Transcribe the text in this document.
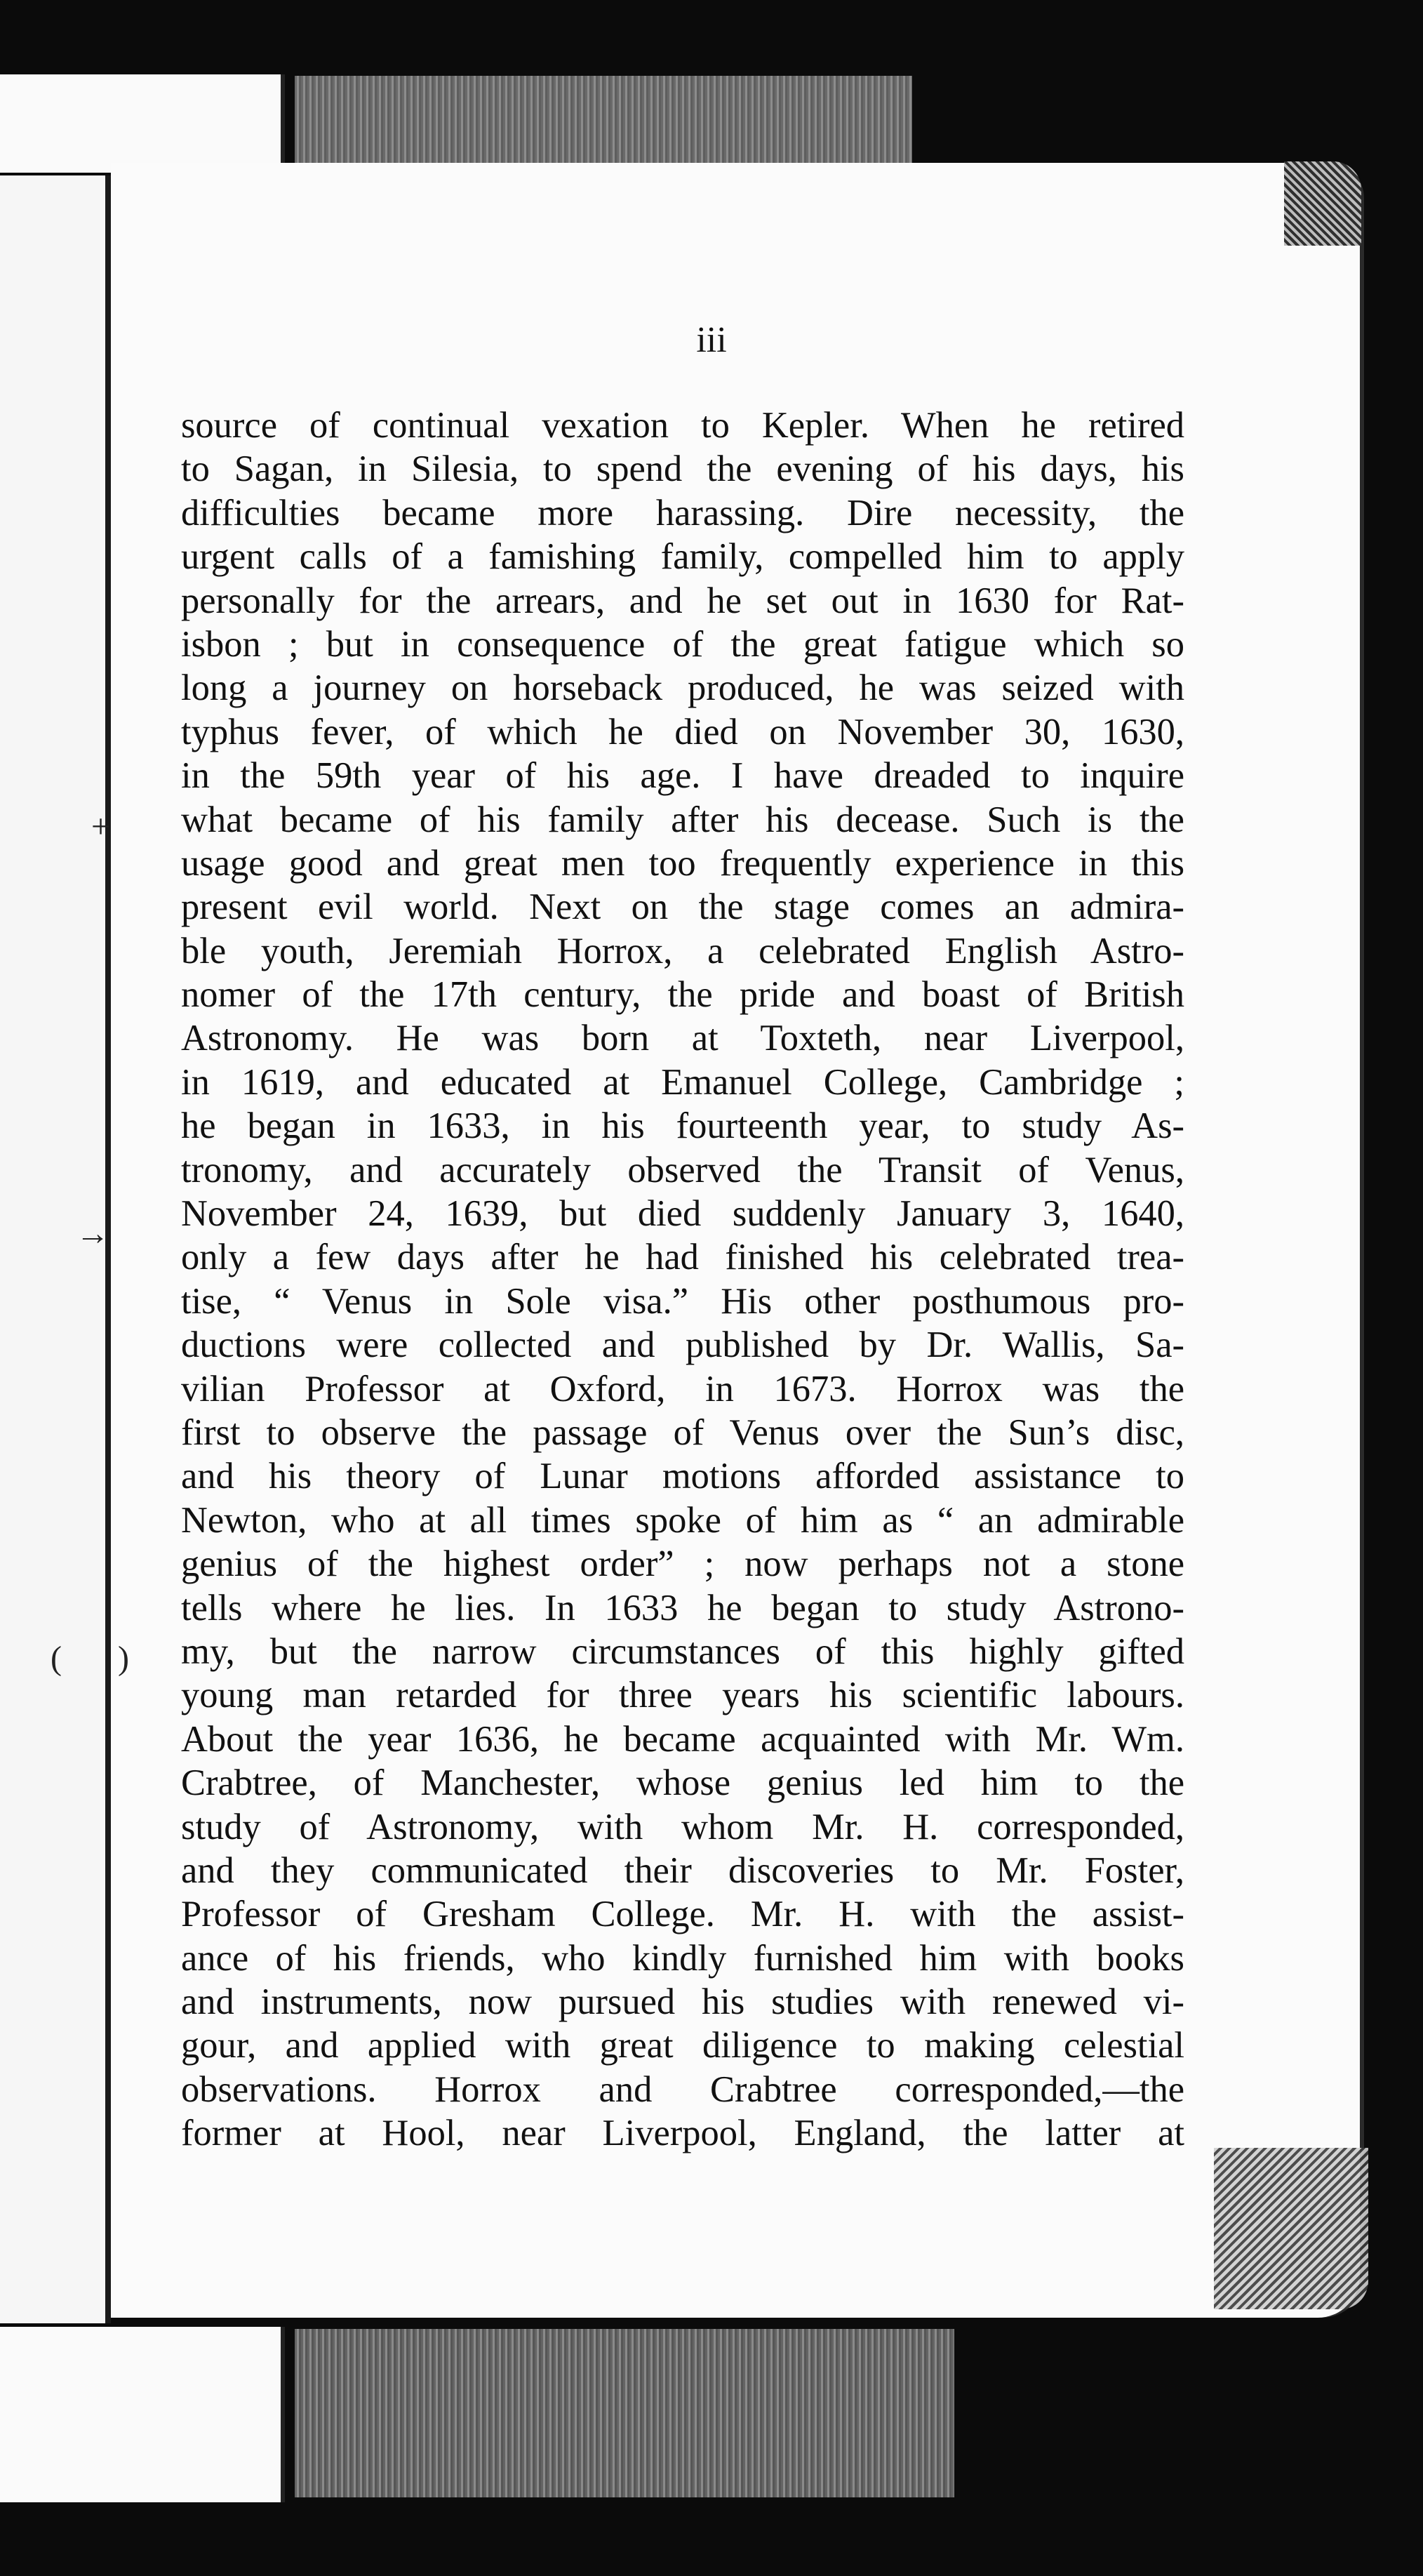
+
→
( )
iii
source of continual vexation to Kepler. When he retired
to Sagan, in Silesia, to spend the evening of his days, his
difficulties became more harassing. Dire necessity, the
urgent calls of a famishing family, compelled him to apply
personally for the arrears, and he set out in 1630 for Rat-
isbon ; but in consequence of the great fatigue which so
long a journey on horseback produced, he was seized with
typhus fever, of which he died on November 30, 1630,
in the 59th year of his age. I have dreaded to inquire
what became of his family after his decease. Such is the
usage good and great men too frequently experience in this
present evil world. Next on the stage comes an admira-
ble youth, Jeremiah Horrox, a celebrated English Astro-
nomer of the 17th century, the pride and boast of British
Astronomy. He was born at Toxteth, near Liverpool,
in 1619, and educated at Emanuel College, Cambridge ;
he began in 1633, in his fourteenth year, to study As-
tronomy, and accurately observed the Transit of Venus,
November 24, 1639, but died suddenly January 3, 1640,
only a few days after he had finished his celebrated trea-
tise, “ Venus in Sole visa.” His other posthumous pro-
ductions were collected and published by Dr. Wallis, Sa-
vilian Professor at Oxford, in 1673. Horrox was the
first to observe the passage of Venus over the Sun’s disc,
and his theory of Lunar motions afforded assistance to
Newton, who at all times spoke of him as “ an admirable
genius of the highest order” ; now perhaps not a stone
tells where he lies. In 1633 he began to study Astrono-
my, but the narrow circumstances of this highly gifted
young man retarded for three years his scientific labours.
About the year 1636, he became acquainted with Mr. Wm.
Crabtree, of Manchester, whose genius led him to the
study of Astronomy, with whom Mr. H. corresponded,
and they communicated their discoveries to Mr. Foster,
Professor of Gresham College. Mr. H. with the assist-
ance of his friends, who kindly furnished him with books
and instruments, now pursued his studies with renewed vi-
gour, and applied with great diligence to making celestial
observations. Horrox and Crabtree corresponded,—the
former at Hool, near Liverpool, England, the latter at
